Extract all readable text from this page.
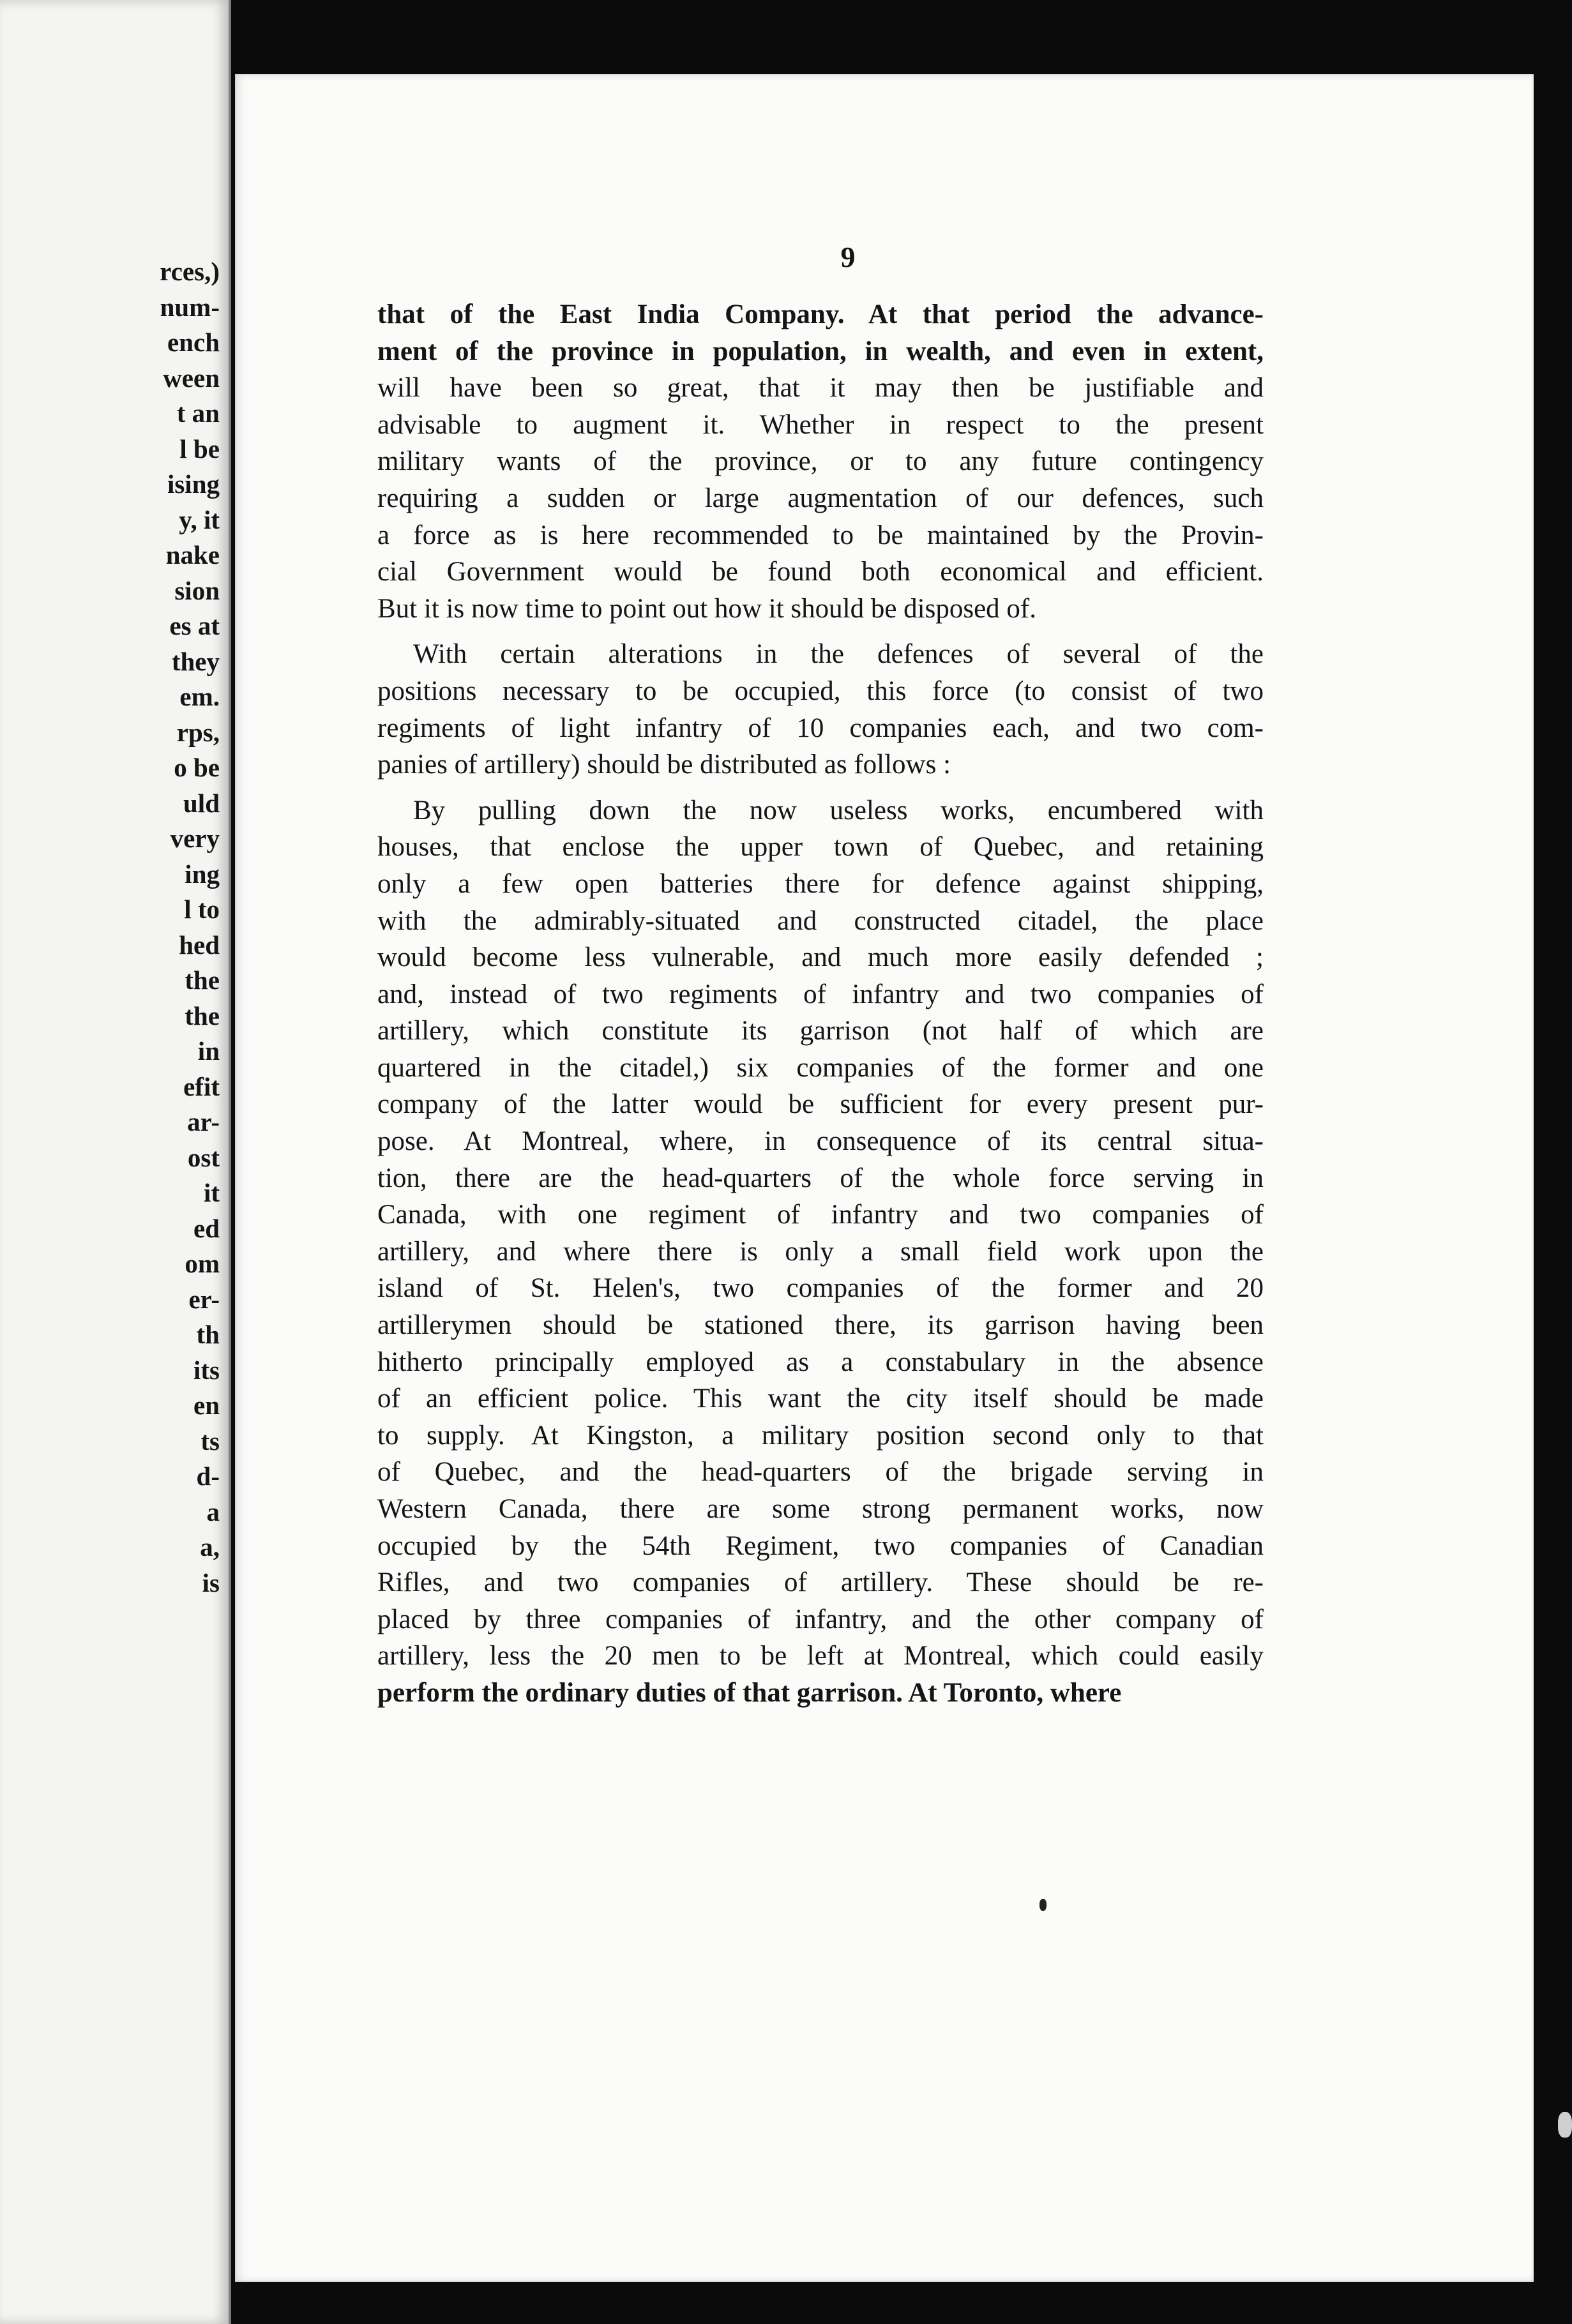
rces,)
num-
ench
ween
t an
l be
ising
y, it
nake
sion
es at
they
em.
rps,
o be
uld
very
ing
l to
hed
the
the
in
efit
ar-
ost
it
ed
om
er-
th
its
en
ts
d-
a
a,
is
9
that of the East India Company. At that period the advance-
ment of the province in population, in wealth, and even in extent,
will have been so great, that it may then be justifiable and
advisable to augment it. Whether in respect to the present
military wants of the province, or to any future contingency
requiring a sudden or large augmentation of our defences, such
a force as is here recommended to be maintained by the Provin-
cial Government would be found both economical and efficient.
But it is now time to point out how it should be disposed of.
With certain alterations in the defences of several of the
positions necessary to be occupied, this force (to consist of two
regiments of light infantry of 10 companies each, and two com-
panies of artillery) should be distributed as follows :
By pulling down the now useless works, encumbered with
houses, that enclose the upper town of Quebec, and retaining
only a few open batteries there for defence against shipping,
with the admirably-situated and constructed citadel, the place
would become less vulnerable, and much more easily defended ;
and, instead of two regiments of infantry and two companies of
artillery, which constitute its garrison (not half of which are
quartered in the citadel,) six companies of the former and one
company of the latter would be sufficient for every present pur-
pose. At Montreal, where, in consequence of its central situa-
tion, there are the head-quarters of the whole force serving in
Canada, with one regiment of infantry and two companies of
artillery, and where there is only a small field work upon the
island of St. Helen's, two companies of the former and 20
artillerymen should be stationed there, its garrison having been
hitherto principally employed as a constabulary in the absence
of an efficient police. This want the city itself should be made
to supply. At Kingston, a military position second only to that
of Quebec, and the head-quarters of the brigade serving in
Western Canada, there are some strong permanent works, now
occupied by the 54th Regiment, two companies of Canadian
Rifles, and two companies of artillery. These should be re-
placed by three companies of infantry, and the other company of
artillery, less the 20 men to be left at Montreal, which could easily
perform the ordinary duties of that garrison. At Toronto, where
